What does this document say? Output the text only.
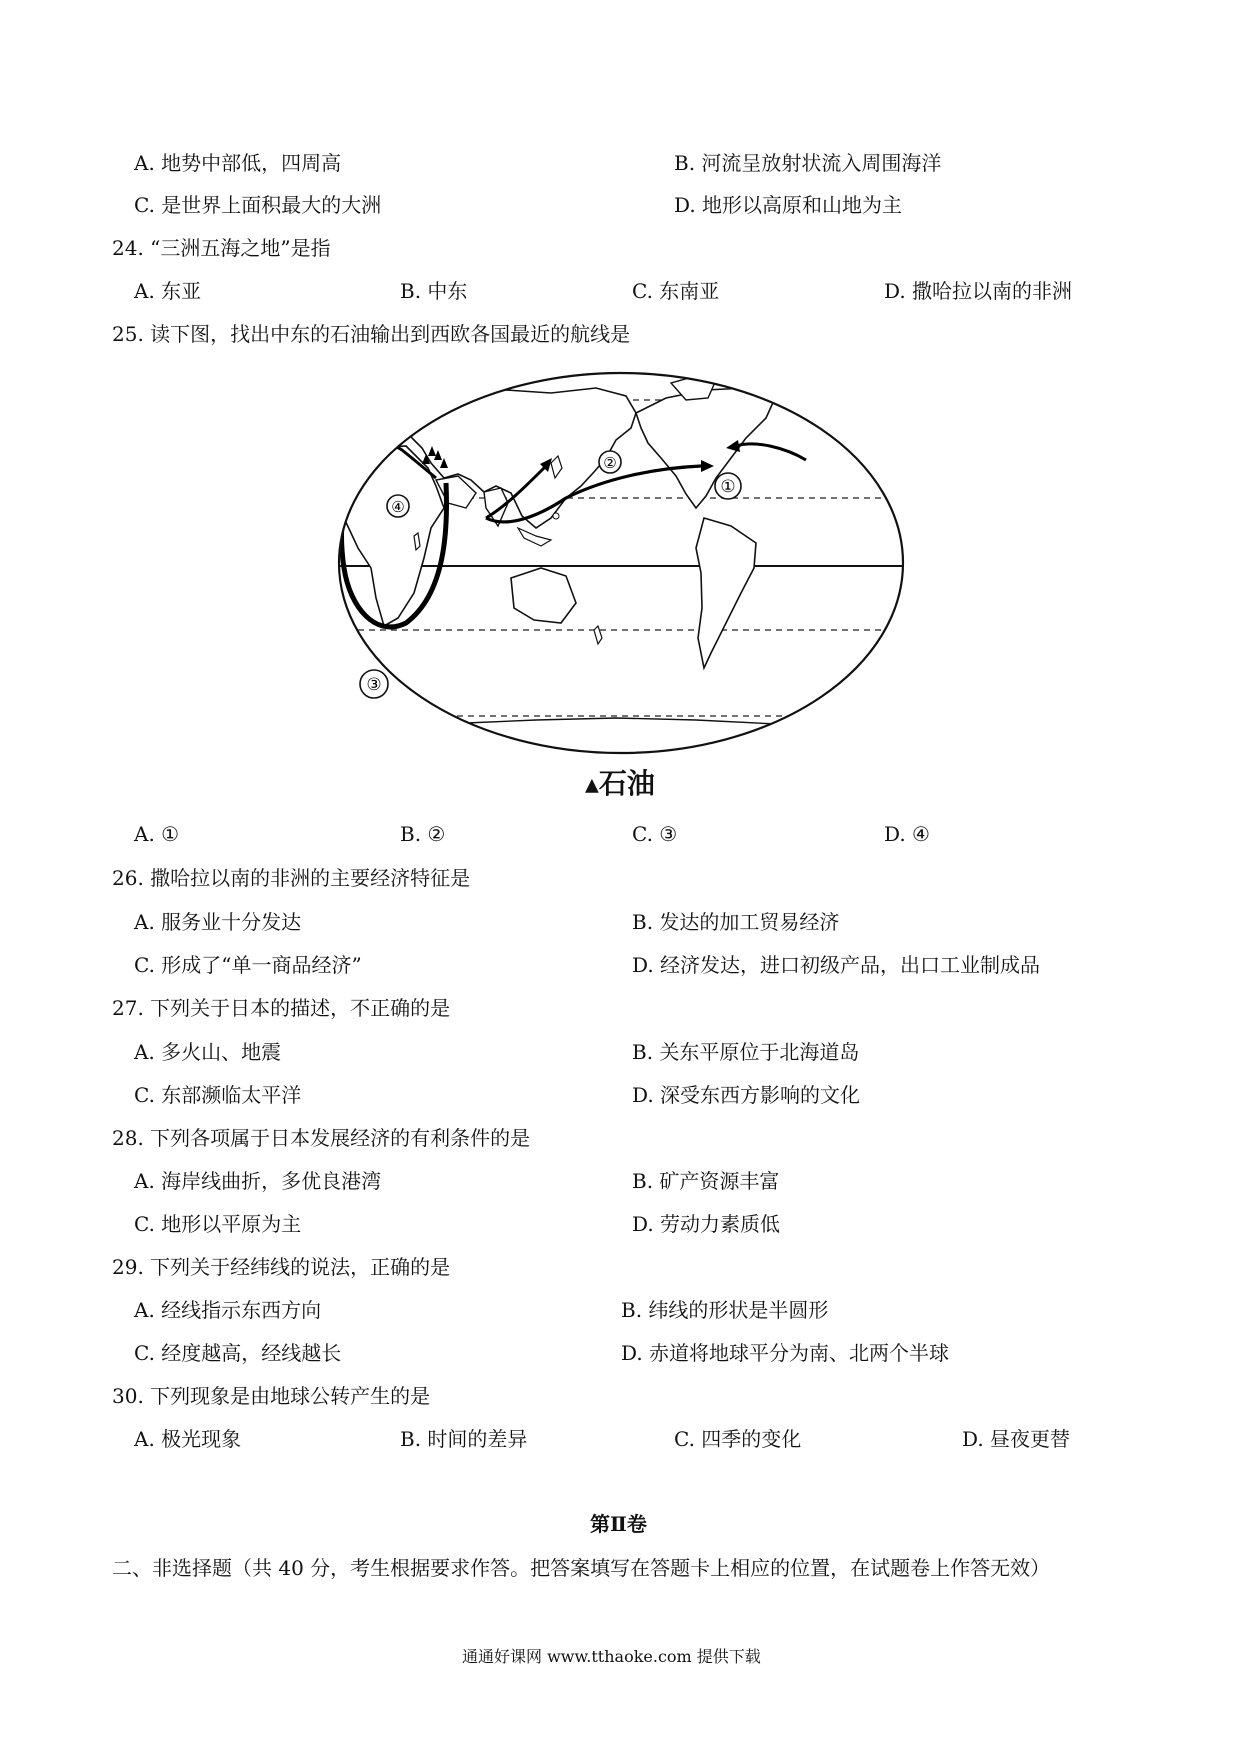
A. 地势中部低，四周高	B. 河流呈放射状流入周围海洋
C. 是世界上面积最大的大洲	D. 地形以高原和山地为主
24. “三洲五海之地”是指
A. 东亚	B. 中东	C. 东南亚	D. 撒哈拉以南的非洲
25. 读下图，找出中东的石油输出到西欧各国最近的航线是
①
②
③
④
▲石油
A. ①	B. ②	C. ③	D. ④
26. 撒哈拉以南的非洲的主要经济特征是
A. 服务业十分发达	B. 发达的加工贸易经济
C. 形成了“单一商品经济”	D. 经济发达，进口初级产品，出口工业制成品
27. 下列关于日本的描述，不正确的是
A. 多火山、地震	B. 关东平原位于北海道岛
C. 东部濒临太平洋	D. 深受东西方影响的文化
28. 下列各项属于日本发展经济的有利条件的是
A. 海岸线曲折，多优良港湾	B. 矿产资源丰富
C. 地形以平原为主	D. 劳动力素质低
29. 下列关于经纬线的说法，正确的是
A. 经线指示东西方向	B. 纬线的形状是半圆形
C. 经度越高，经线越长	D. 赤道将地球平分为南、北两个半球
30. 下列现象是由地球公转产生的是
A. 极光现象	B. 时间的差异	C. 四季的变化	D. 昼夜更替
第Ⅱ卷
二、非选择题（共 40 分，考生根据要求作答。把答案填写在答题卡上相应的位置，在试题卷上作答无效）
通通好课网 www.tthaoke.com 提供下载
